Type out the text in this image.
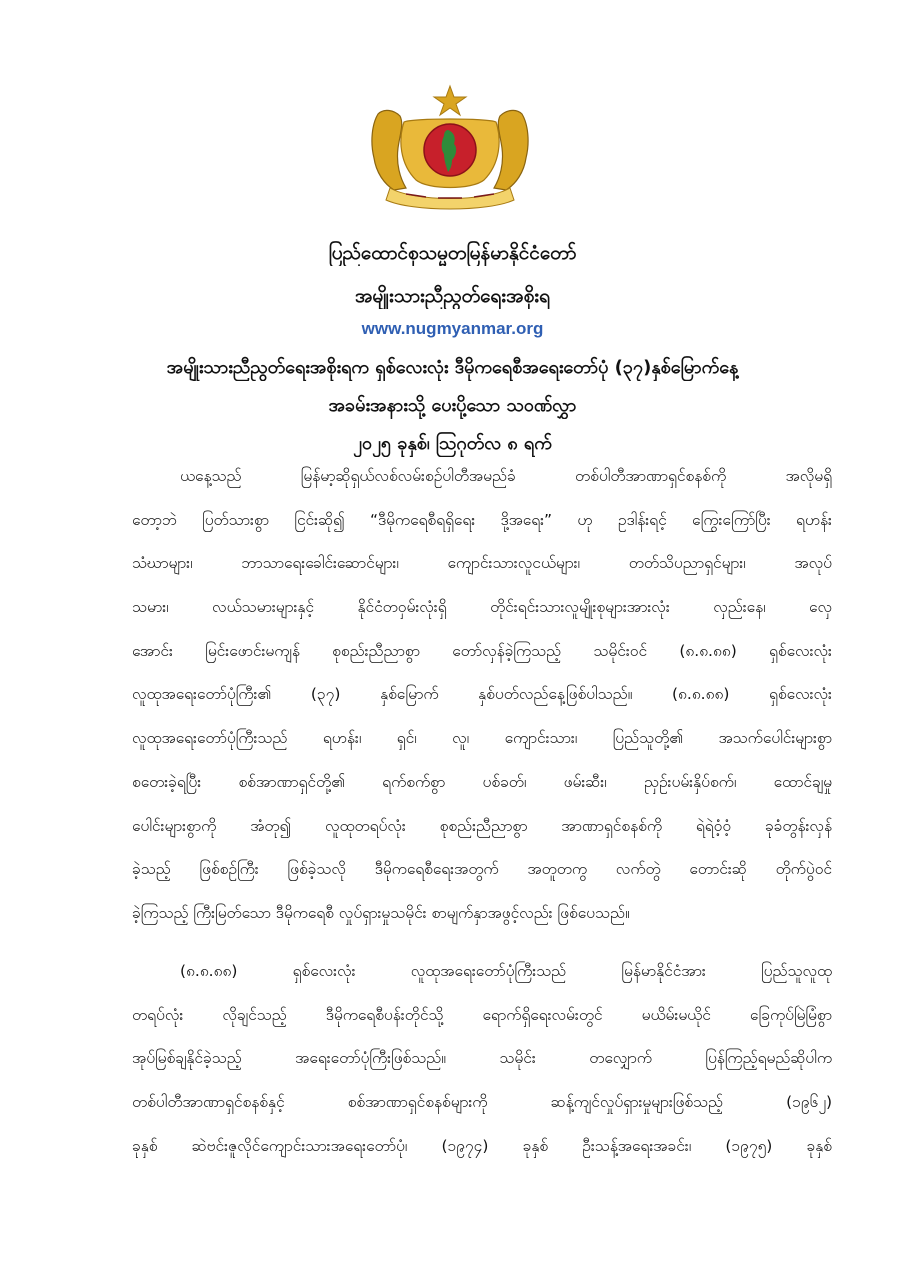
ပြည်ထောင်စုသမ္မတမြန်မာနိုင်ငံတော်
အမျိုးသားညီညွတ်ရေးအစိုးရ
www.nugmyanmar.org
အမျိုးသားညီညွတ်ရေးအစိုးရက ရှစ်လေးလုံး ဒီမိုကရေစီအရေးတော်ပုံ (၃၇)နှစ်မြောက်နေ့
အခမ်းအနားသို့ ပေးပို့သော သဝဏ်လွှာ
၂၀၂၅ ခုနှစ်၊ ဩဂုတ်လ ၈ ရက်
ယနေ့သည် မြန်မာ့ဆိုရှယ်လစ်လမ်းစဉ်ပါတီအမည်ခံ တစ်ပါတီအာဏာရှင်စနစ်ကို အလိုမရှိ
တော့ဘဲ ပြတ်သားစွာ ငြင်းဆို၍ “ဒီမိုကရေစီရရှိရေး ဒို့အရေး” ဟု ဥဒါန်းရင့် ကြွေးကြော်ပြီး ရဟန်း
သံဃာများ၊ ဘာသာရေးခေါင်းဆောင်များ၊ ကျောင်းသားလူငယ်များ၊ တတ်သိပညာရှင်များ၊ အလုပ်
သမား၊ လယ်သမားများနှင့် နိုင်ငံတဝှမ်းလုံးရှိ တိုင်းရင်းသားလူမျိုးစုများအားလုံး လှည်းနေ၊ လှေ
အောင်း မြင်းဖောင်းမကျန် စုစည်းညီညာစွာ တော်လှန်ခဲ့ကြသည့် သမိုင်းဝင် (၈.၈.၈၈) ရှစ်လေးလုံး
လူထုအရေးတော်ပုံကြီး၏ (၃၇) နှစ်မြောက် နှစ်ပတ်လည်နေ့ဖြစ်ပါသည်။ (၈.၈.၈၈) ရှစ်လေးလုံး
လူထုအရေးတော်ပုံကြီးသည် ရဟန်း၊ ရှင်၊ လူ၊ ကျောင်းသား၊ ပြည်သူတို့၏ အသက်ပေါင်းများစွာ
စတေးခဲ့ရပြီး စစ်အာဏာရှင်တို့၏ ရက်စက်စွာ ပစ်ခတ်၊ ဖမ်းဆီး၊ ညှဉ်းပမ်းနှိပ်စက်၊ ထောင်ချမှု
ပေါင်းများစွာကို အံတု၍ လူထုတရပ်လုံး စုစည်းညီညာစွာ အာဏာရှင်စနစ်ကို ရဲရဲဝံ့ဝံ့ ခုခံတွန်းလှန်
ခဲ့သည့် ဖြစ်စဉ်ကြီး ဖြစ်ခဲ့သလို ဒီမိုကရေစီရေးအတွက် အတူတကွ လက်တွဲ တောင်းဆို တိုက်ပွဲဝင်
ခဲ့ကြသည့် ကြီးမြတ်သော ဒီမိုကရေစီ လှုပ်ရှားမှုသမိုင်း စာမျက်နှာအဖွင့်လည်း ဖြစ်ပေသည်။
(၈.၈.၈၈) ရှစ်လေးလုံး လူထုအရေးတော်ပုံကြီးသည် မြန်မာနိုင်ငံအား ပြည်သူလူထု
တရပ်လုံး လိုချင်သည့် ဒီမိုကရေစီပန်းတိုင်သို့ ရောက်ရှိရေးလမ်းတွင် မယိမ်းမယိုင် ခြေကုပ်မြဲမြံစွာ
အုပ်မြစ်ချနိုင်ခဲ့သည့် အရေးတော်ပုံကြီးဖြစ်သည်။ သမိုင်း တလျှောက် ပြန်ကြည့်ရမည်ဆိုပါက
တစ်ပါတီအာဏာရှင်စနစ်နှင့် စစ်အာဏာရှင်စနစ်များကို ဆန့်ကျင်လှုပ်ရှားမှုများဖြစ်သည့် (၁၉၆၂)
ခုနှစ် ဆဲဗင်းဇူလိုင်ကျောင်းသားအရေးတော်ပုံ၊ (၁၉၇၄) ခုနှစ် ဦးသန့်အရေးအခင်း၊ (၁၉၇၅) ခုနှစ်
